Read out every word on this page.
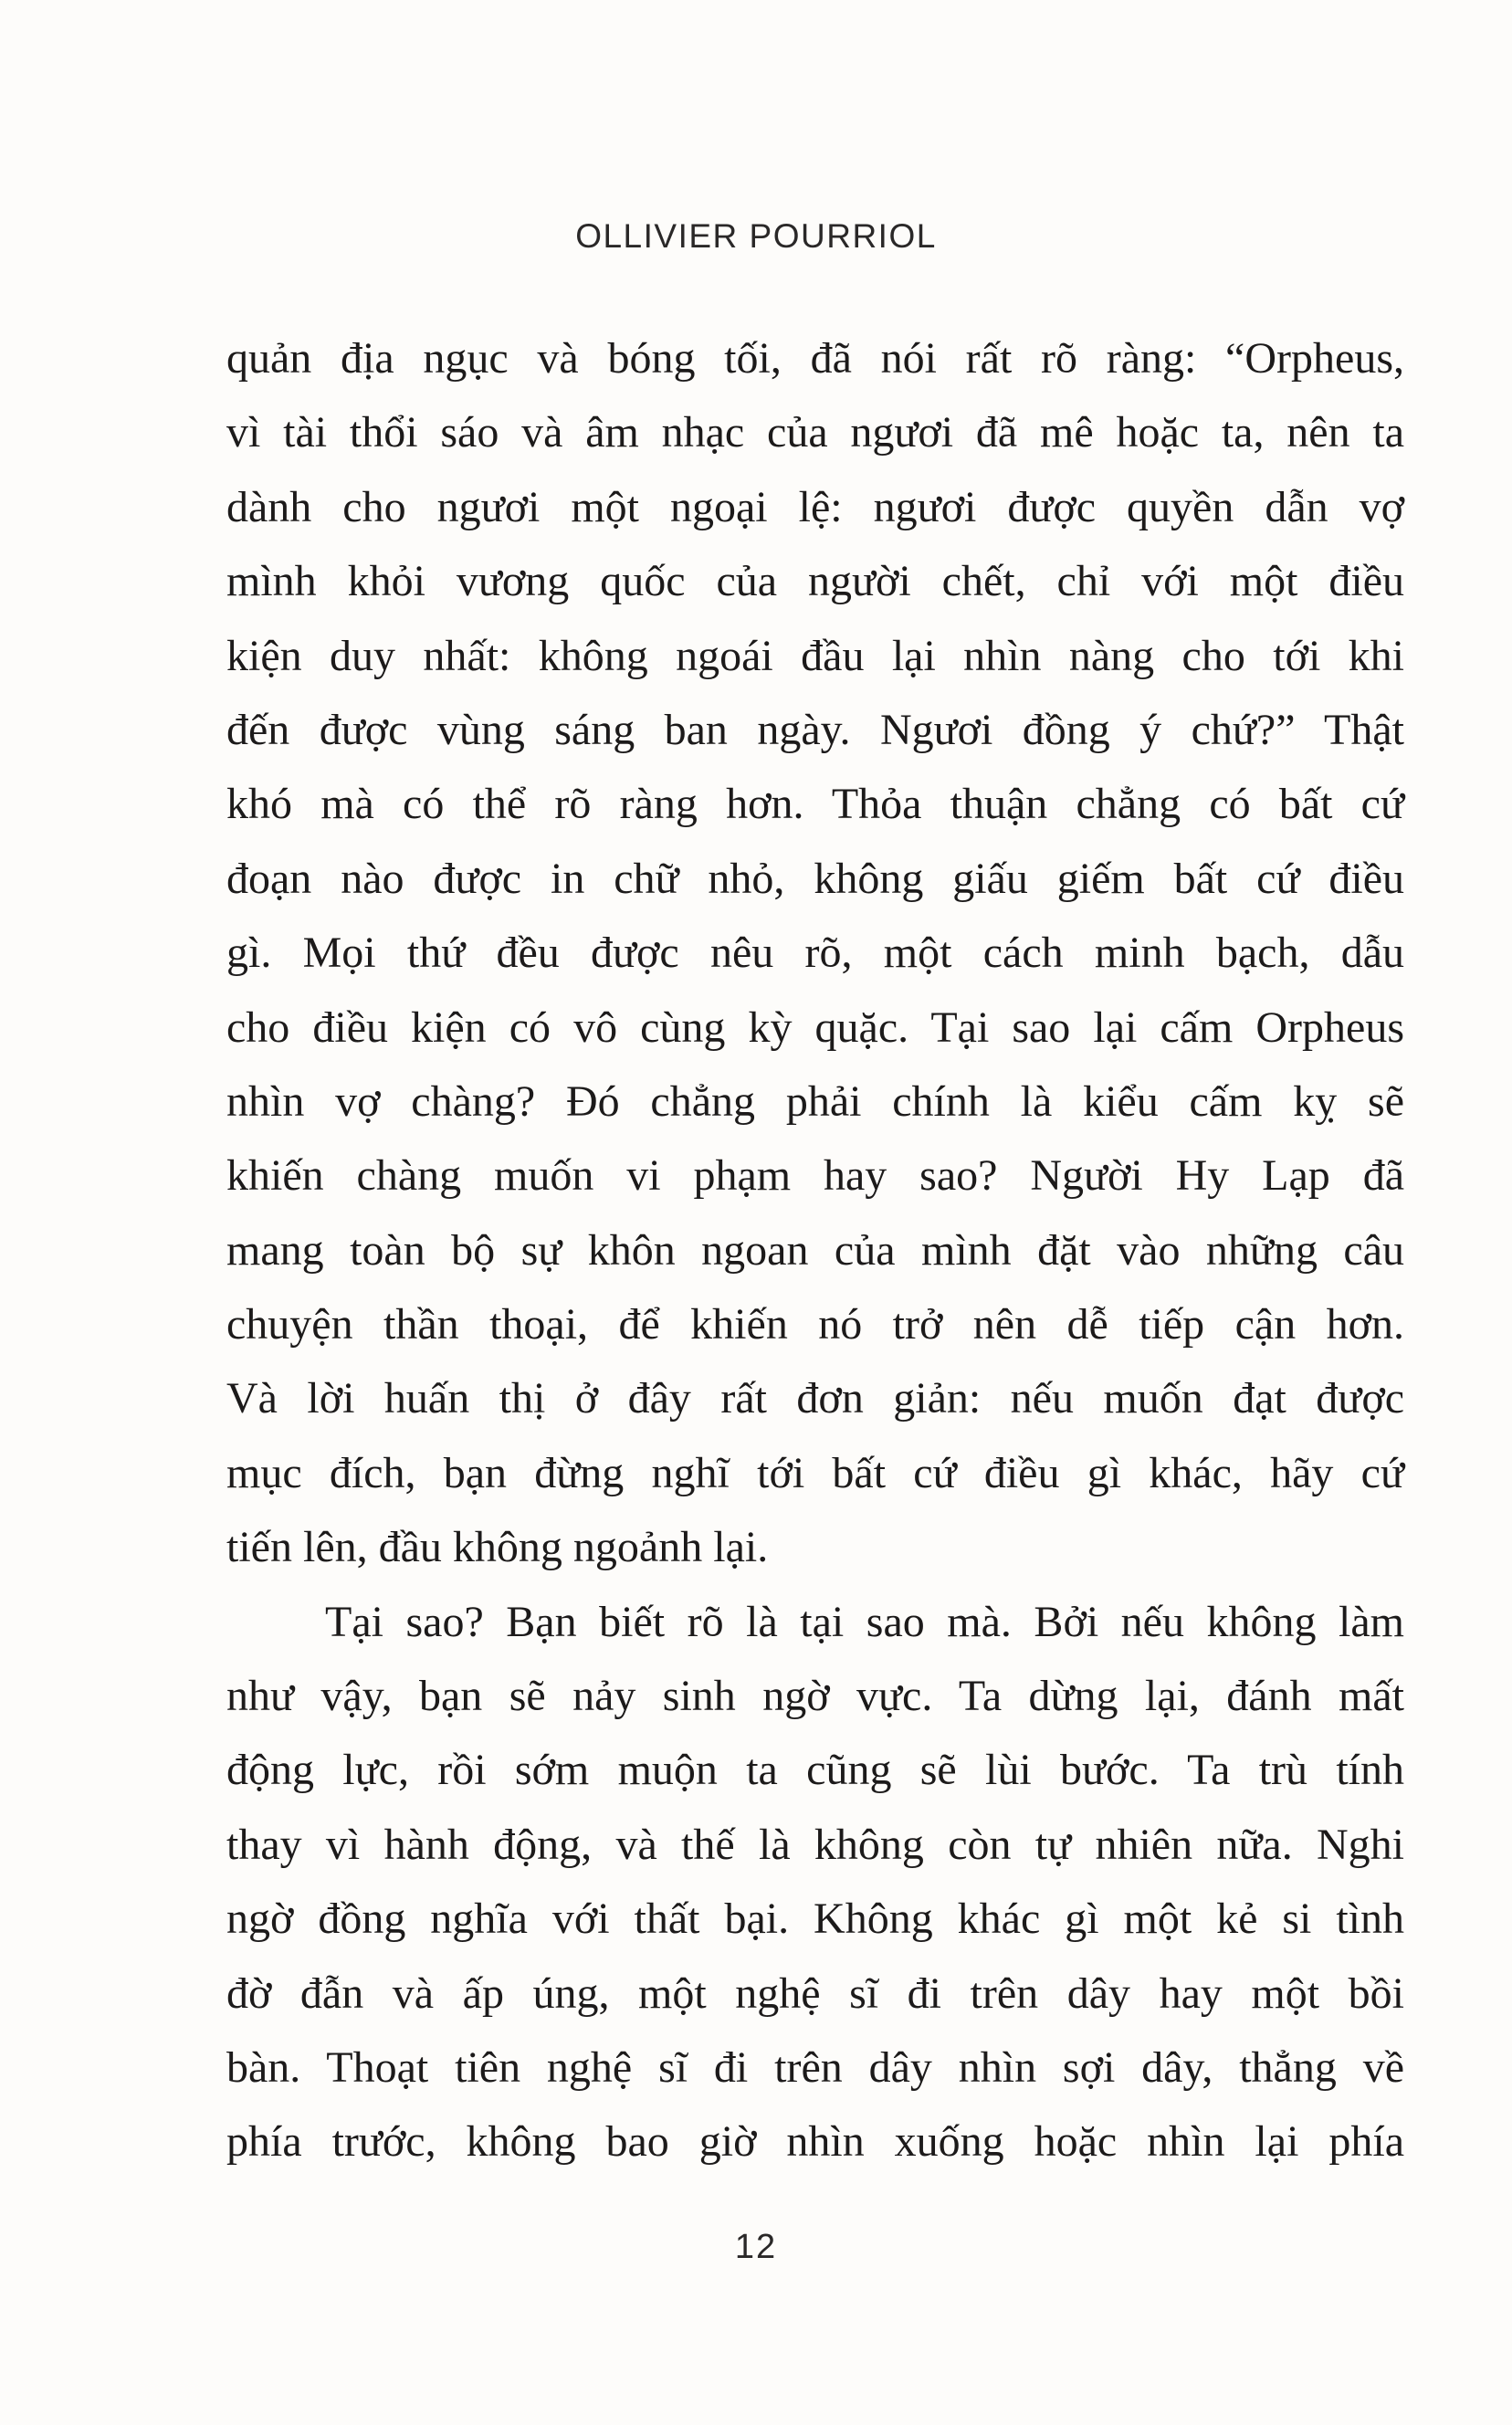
OLLIVIER POURRIOL
quản địa ngục và bóng tối, đã nói rất rõ ràng: “Orpheus,
vì tài thổi sáo và âm nhạc của ngươi đã mê hoặc ta, nên ta
dành cho ngươi một ngoại lệ: ngươi được quyền dẫn vợ
mình khỏi vương quốc của người chết, chỉ với một điều
kiện duy nhất: không ngoái đầu lại nhìn nàng cho tới khi
đến được vùng sáng ban ngày. Ngươi đồng ý chứ?” Thật
khó mà có thể rõ ràng hơn. Thỏa thuận chẳng có bất cứ
đoạn nào được in chữ nhỏ, không giấu giếm bất cứ điều
gì. Mọi thứ đều được nêu rõ, một cách minh bạch, dẫu
cho điều kiện có vô cùng kỳ quặc. Tại sao lại cấm Orpheus
nhìn vợ chàng? Đó chẳng phải chính là kiểu cấm kỵ sẽ
khiến chàng muốn vi phạm hay sao? Người Hy Lạp đã
mang toàn bộ sự khôn ngoan của mình đặt vào những câu
chuyện thần thoại, để khiến nó trở nên dễ tiếp cận hơn.
Và lời huấn thị ở đây rất đơn giản: nếu muốn đạt được
mục đích, bạn đừng nghĩ tới bất cứ điều gì khác, hãy cứ
tiến lên, đầu không ngoảnh lại.
Tại sao? Bạn biết rõ là tại sao mà. Bởi nếu không làm
như vậy, bạn sẽ nảy sinh ngờ vực. Ta dừng lại, đánh mất
động lực, rồi sớm muộn ta cũng sẽ lùi bước. Ta trù tính
thay vì hành động, và thế là không còn tự nhiên nữa. Nghi
ngờ đồng nghĩa với thất bại. Không khác gì một kẻ si tình
đờ đẫn và ấp úng, một nghệ sĩ đi trên dây hay một bồi
bàn. Thoạt tiên nghệ sĩ đi trên dây nhìn sợi dây, thẳng về
phía trước, không bao giờ nhìn xuống hoặc nhìn lại phía
12
